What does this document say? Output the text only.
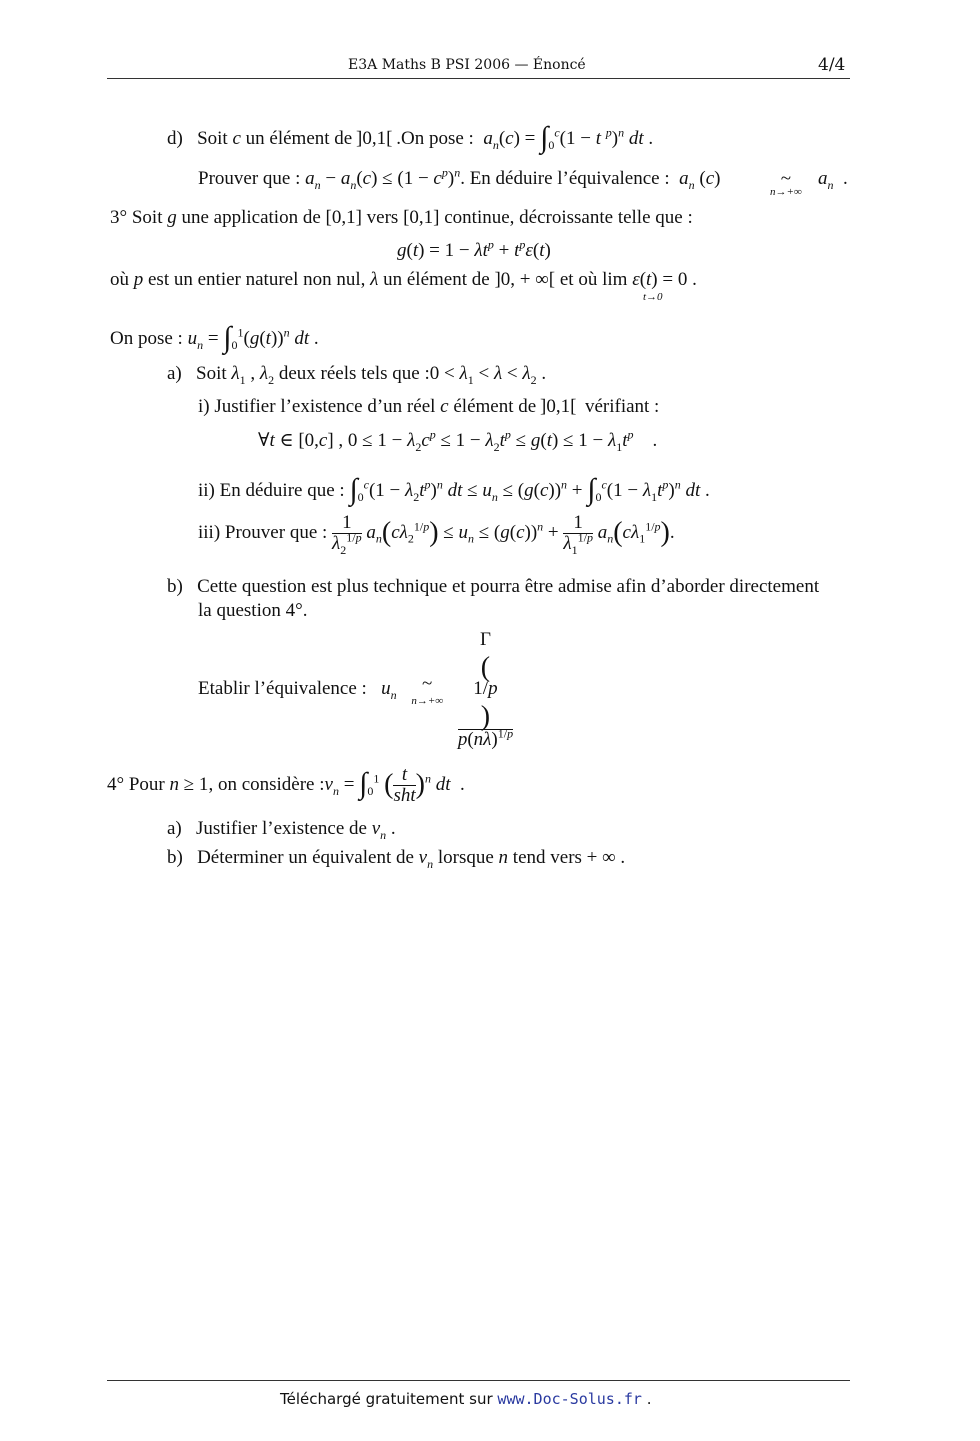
E3A Maths B PSI 2006 — Énoncé	4/4
d) Soit c un élément de ]0,1[ .On pose : $a_n(c) = \int_0^c(1 - t$ $^p$)$^n$ dt .
Prouver que : $a_n - a_n(c) \le (1 - c^p)^n$. En déduire l’équivalence : $a_n$ (c)	~
n→+∞
$a_n$  .
3° Soit g une application de [0,1] vers [0,1] continue, décroissante telle que :
$g(t) = 1 - \lambda t^p + t^p\varepsilon(t)$
où p est un entier naturel non nul, λ un élément de ]0, + ∞[ et où lim ε(t) = 0 .
t→0
On pose : $u_n = \int_0^1(g(t))^n$ dt .
a) Soit $\lambda_1$ , $\lambda_2$ deux réels tels que :0 < $\lambda_1 < \lambda < \lambda_2$ .
i) Justifier l’existence d’un réel c élément de ]0,1[  vérifiant :
∀t ∈ [0,c] , $0 \le 1 - \lambda_2c^p \le 1 - \lambda_2t^p \le g(t) \le 1 - \lambda_1t^p$    .
ii) En déduire que : $\int_0^c(1 - \lambda_2t^p)^n$ dt ≤ $u_n \le (g(c))^n + \int_0^c(1 - \lambda_1t^p)^n$ dt .
iii) Prouver que : $\frac{1}{\lambda_2^{1/p}} a_n(c\lambda_2^{1/p}) \le u_n \le (g(c))^n + \frac{1}{\lambda_1^{1/p}} a_n(c\lambda_1^{1/p})$.
b) Cette question est plus technique et pourra être admise afin d’aborder directement
la question 4°.
Etablir l’équivalence : $u_n$
~
n→+∞
Γ
(
1/p
)
$p(n\lambda)^{1/p}$
4° Pour n ≥ 1, on considère $:v_n = \int_0^1$ ( $\frac{t}{\text{sht}} )^n$ dt  .
a) Justifier l’existence de $v_n$ .
b) Déterminer un équivalent de $v_n$ lorsque n tend vers + ∞ .
Téléchargé gratuitement sur www.Doc-Solus.fr .
